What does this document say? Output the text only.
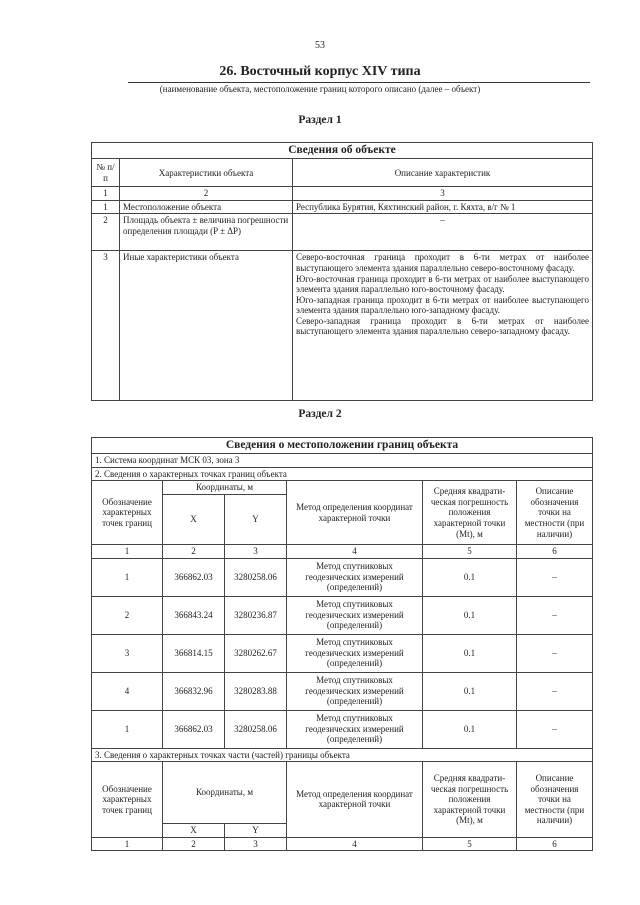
53
26. Восточный корпус XIV типа
(наименование объекта, местоположение границ которого описано (далее – объект)
Раздел 1
Сведения об объекте		
№ п/п	Характеристики объекта	Описание характеристик
1	2	3
1	Местоположение объекта	Республика Бурятия, Кяхтинский район, г. Кяхта, в/г № 1
2	Площадь объекта ± величина погрешности определения площади (P ± ΔP)	–
3	Иные характеристики объекта	Северо-восточная граница проходит в 6-ти метрах от наиболее выступающего элемента здания параллельно северо-восточному фасаду.

Юго-восточная граница проходит в 6-ти метрах от наиболее выступающего элемента здания параллельно юго-восточному фасаду.

Юго-западная граница проходит в 6-ти метрах от наиболее выступающего элемента здания параллельно юго-западному фасаду.

Северо-западная граница проходит в 6-ти метрах от наиболее выступающего элемента здания параллельно северо-западному фасаду.

Раздел 2
Сведения о местоположении границ объекта					
1. Система координат МСК 03, зона 3					
2. Сведения о характерных точках границ объекта					
Обозначение характерных точек границ	Координаты, м		Метод определения координат характерной точки	Средняя квадрати-ческая погрешность положения характерной точки (Mt), м	Описание обозначения точки на местности (при наличии)
	X	Y			
1	2	3	4	5	6
1	366862.03	3280258.06	Метод спутниковых геодезических измерений (определений)	0.1	–
2	366843.24	3280236.87	Метод спутниковых геодезических измерений (определений)	0.1	–
3	366814.15	3280262.67	Метод спутниковых геодезических измерений (определений)	0.1	–
4	366832.96	3280283.88	Метод спутниковых геодезических измерений (определений)	0.1	–
1	366862.03	3280258.06	Метод спутниковых геодезических измерений (определений)	0.1	–
3. Сведения о характерных точках части (частей) границы объекта					
Обозначение характерных точек границ	Координаты, м		Метод определения координат характерной точки	Средняя квадрати-ческая погрешность положения характерной точки (Mt), м	Описание обозначения точки на местности (при наличии)
	X	Y			
1	2	3	4	5	6
